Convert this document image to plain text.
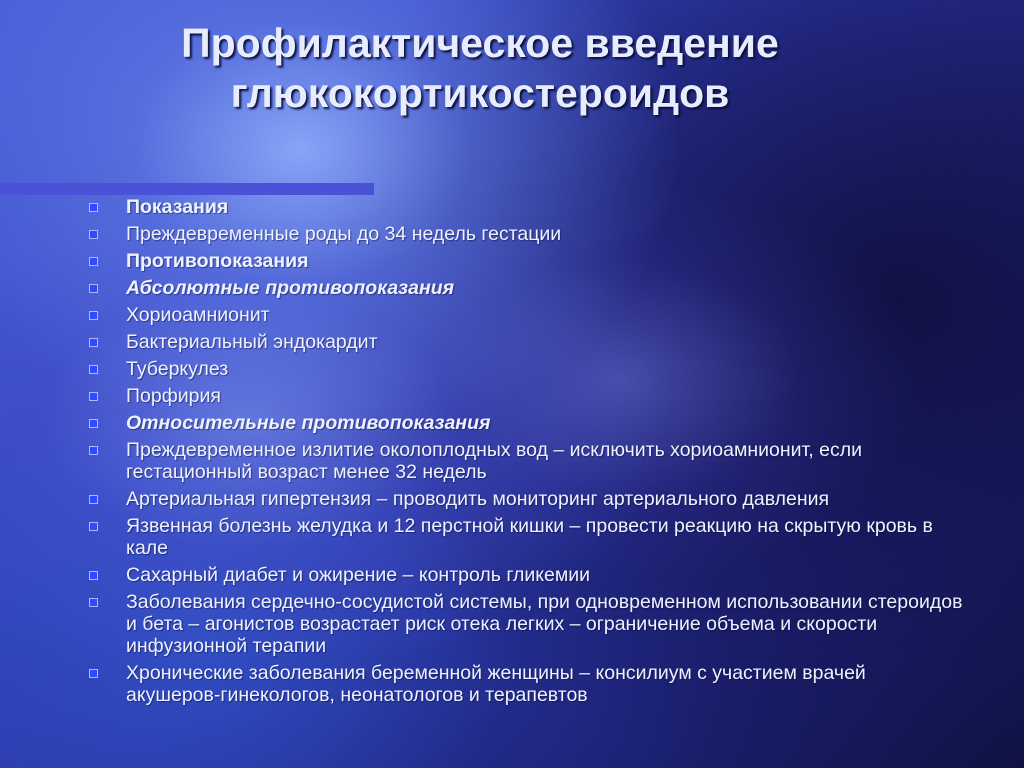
Профилактическое введение глюкокортикостероидов
Показания
Преждевременные роды до 34 недель гестации
Противопоказания
Абсолютные противопоказания
Хориоамнионит
Бактериальный эндокардит
Туберкулез
Порфирия
Относительные противопоказания
Преждевременное излитие околоплодных вод – исключить хориоамнионит, если гестационный возраст менее 32 недель
Артериальная гипертензия – проводить мониторинг артериального давления
Язвенная болезнь желудка и 12 перстной кишки – провести реакцию на скрытую кровь в кале
Сахарный диабет и ожирение – контроль гликемии
Заболевания сердечно-сосудистой системы, при одновременном использовании стероидов и бета – агонистов возрастает риск отека легких – ограничение объема и скорости инфузионной терапии
Хронические заболевания беременной женщины – консилиум с участием врачей акушеров-гинекологов, неонатологов и терапевтов
